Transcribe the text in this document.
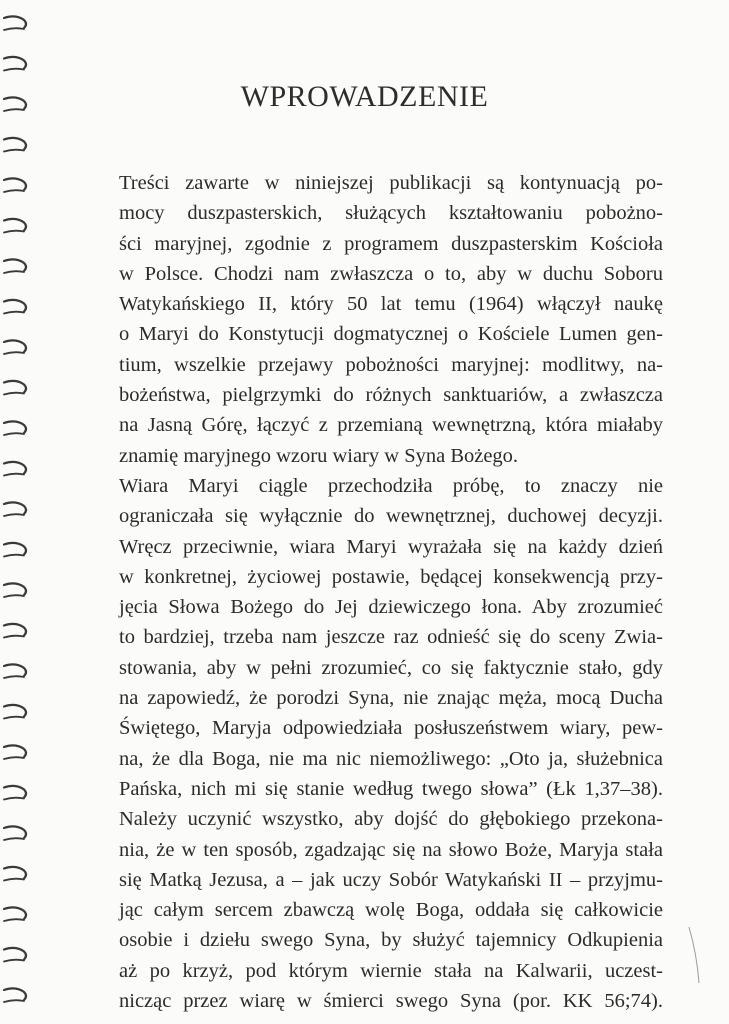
WPROWADZENIE
Treści zawarte w niniejszej publikacji są kontynuacją po-
mocy duszpasterskich, służących kształtowaniu pobożno-
ści maryjnej, zgodnie z programem duszpasterskim Kościoła
w Polsce. Chodzi nam zwłaszcza o to, aby w duchu Soboru
Watykańskiego II, który 50 lat temu (1964) włączył naukę
o Maryi do Konstytucji dogmatycznej o Kościele Lumen gen-
tium, wszelkie przejawy pobożności maryjnej: modlitwy, na-
bożeństwa, pielgrzymki do różnych sanktuariów, a zwłaszcza
na Jasną Górę, łączyć z przemianą wewnętrzną, która miałaby
znamię maryjnego wzoru wiary w Syna Bożego.
Wiara Maryi ciągle przechodziła próbę, to znaczy nie
ograniczała się wyłącznie do wewnętrznej, duchowej decyzji.
Wręcz przeciwnie, wiara Maryi wyrażała się na każdy dzień
w konkretnej, życiowej postawie, będącej konsekwencją przy-
jęcia Słowa Bożego do Jej dziewiczego łona. Aby zrozumieć
to bardziej, trzeba nam jeszcze raz odnieść się do sceny Zwia-
stowania, aby w pełni zrozumieć, co się faktycznie stało, gdy
na zapowiedź, że porodzi Syna, nie znając męża, mocą Ducha
Świętego, Maryja odpowiedziała posłuszeństwem wiary, pew-
na, że dla Boga, nie ma nic niemożliwego: „Oto ja, służebnica
Pańska, nich mi się stanie według twego słowa” (Łk 1,37–38).
Należy uczynić wszystko, aby dojść do głębokiego przekona-
nia, że w ten sposób, zgadzając się na słowo Boże, Maryja stała
się Matką Jezusa, a – jak uczy Sobór Watykański II – przyjmu-
jąc całym sercem zbawczą wolę Boga, oddała się całkowicie
osobie i dziełu swego Syna, by służyć tajemnicy Odkupienia
aż po krzyż, pod którym wiernie stała na Kalwarii, uczest-
nicząc przez wiarę w śmierci swego Syna (por. KK 56;74).
